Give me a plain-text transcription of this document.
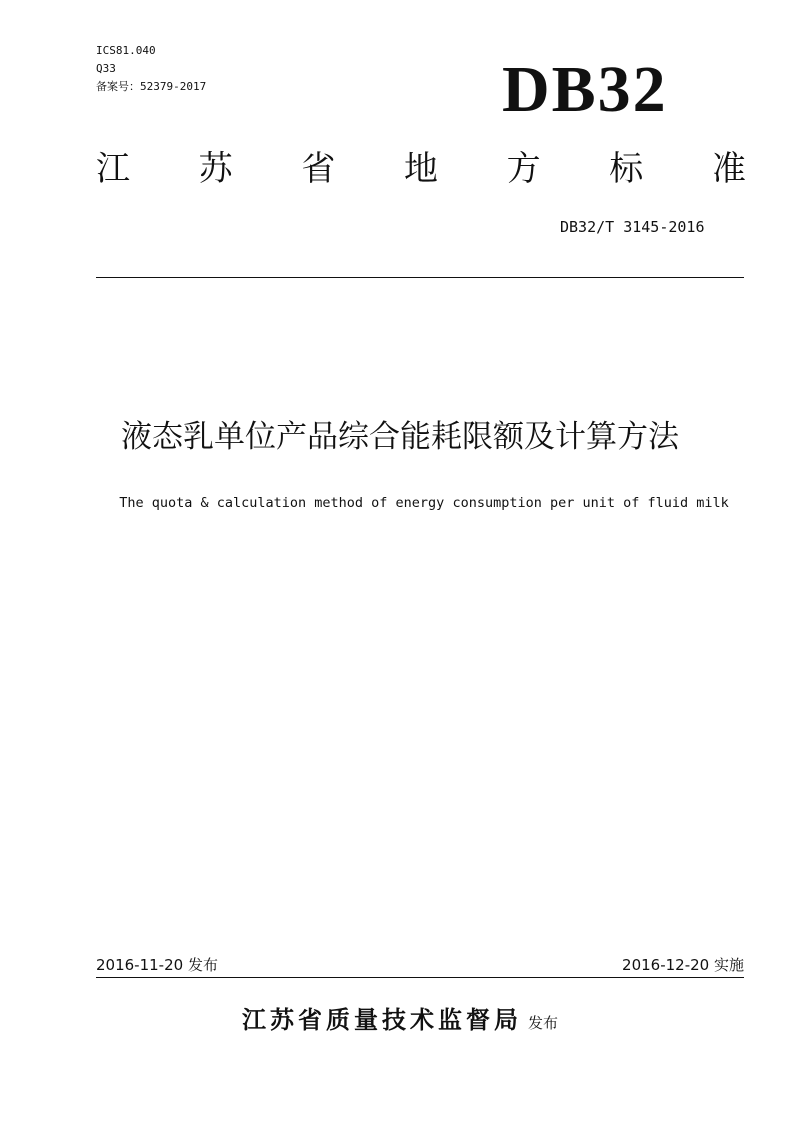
ICS81.040
Q33
备案号：52379-2017	DB32
江 苏 省 地 方 标 准
DB32/T 3145-2016
液态乳单位产品综合能耗限额及计算方法
The quota & calculation method of energy consumption per unit of fluid milk
2016-11-20 发布	2016-12-20 实施
江苏省质量技术监督局 发布
